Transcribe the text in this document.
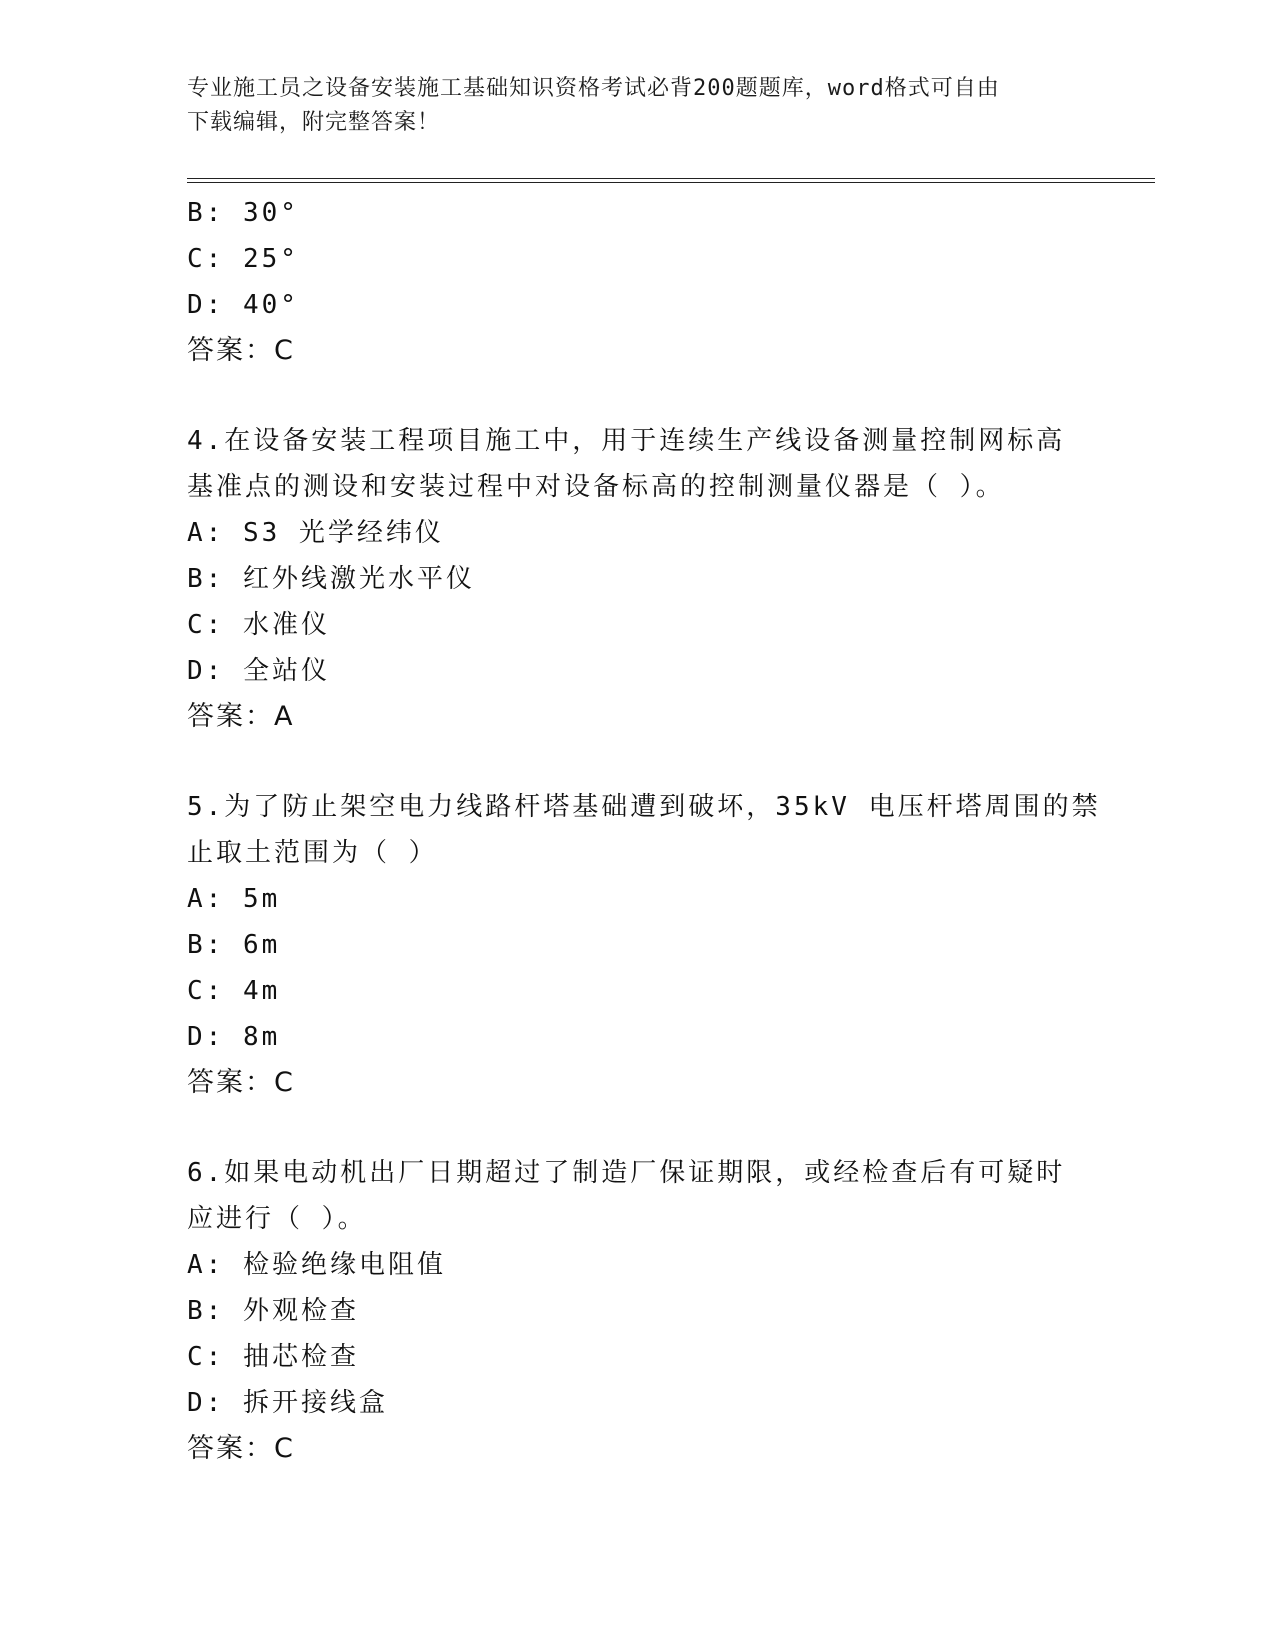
专业施工员之设备安装施工基础知识资格考试必背200题题库，word格式可自由
下载编辑，附完整答案！
B: 30°
C: 25°
D: 40°
答案：C
4.在设备安装工程项目施工中，用于连续生产线设备测量控制网标高
基准点的测设和安装过程中对设备标高的控制测量仪器是（ ）。
A: S3 光学经纬仪
B: 红外线激光水平仪
C: 水准仪
D: 全站仪
答案：A
5.为了防止架空电力线路杆塔基础遭到破坏，35kV 电压杆塔周围的禁
止取土范围为（ ）
A: 5m
B: 6m
C: 4m
D: 8m
答案：C
6.如果电动机出厂日期超过了制造厂保证期限，或经检查后有可疑时
应进行（ ）。
A: 检验绝缘电阻值
B: 外观检查
C: 抽芯检查
D: 拆开接线盒
答案：C
